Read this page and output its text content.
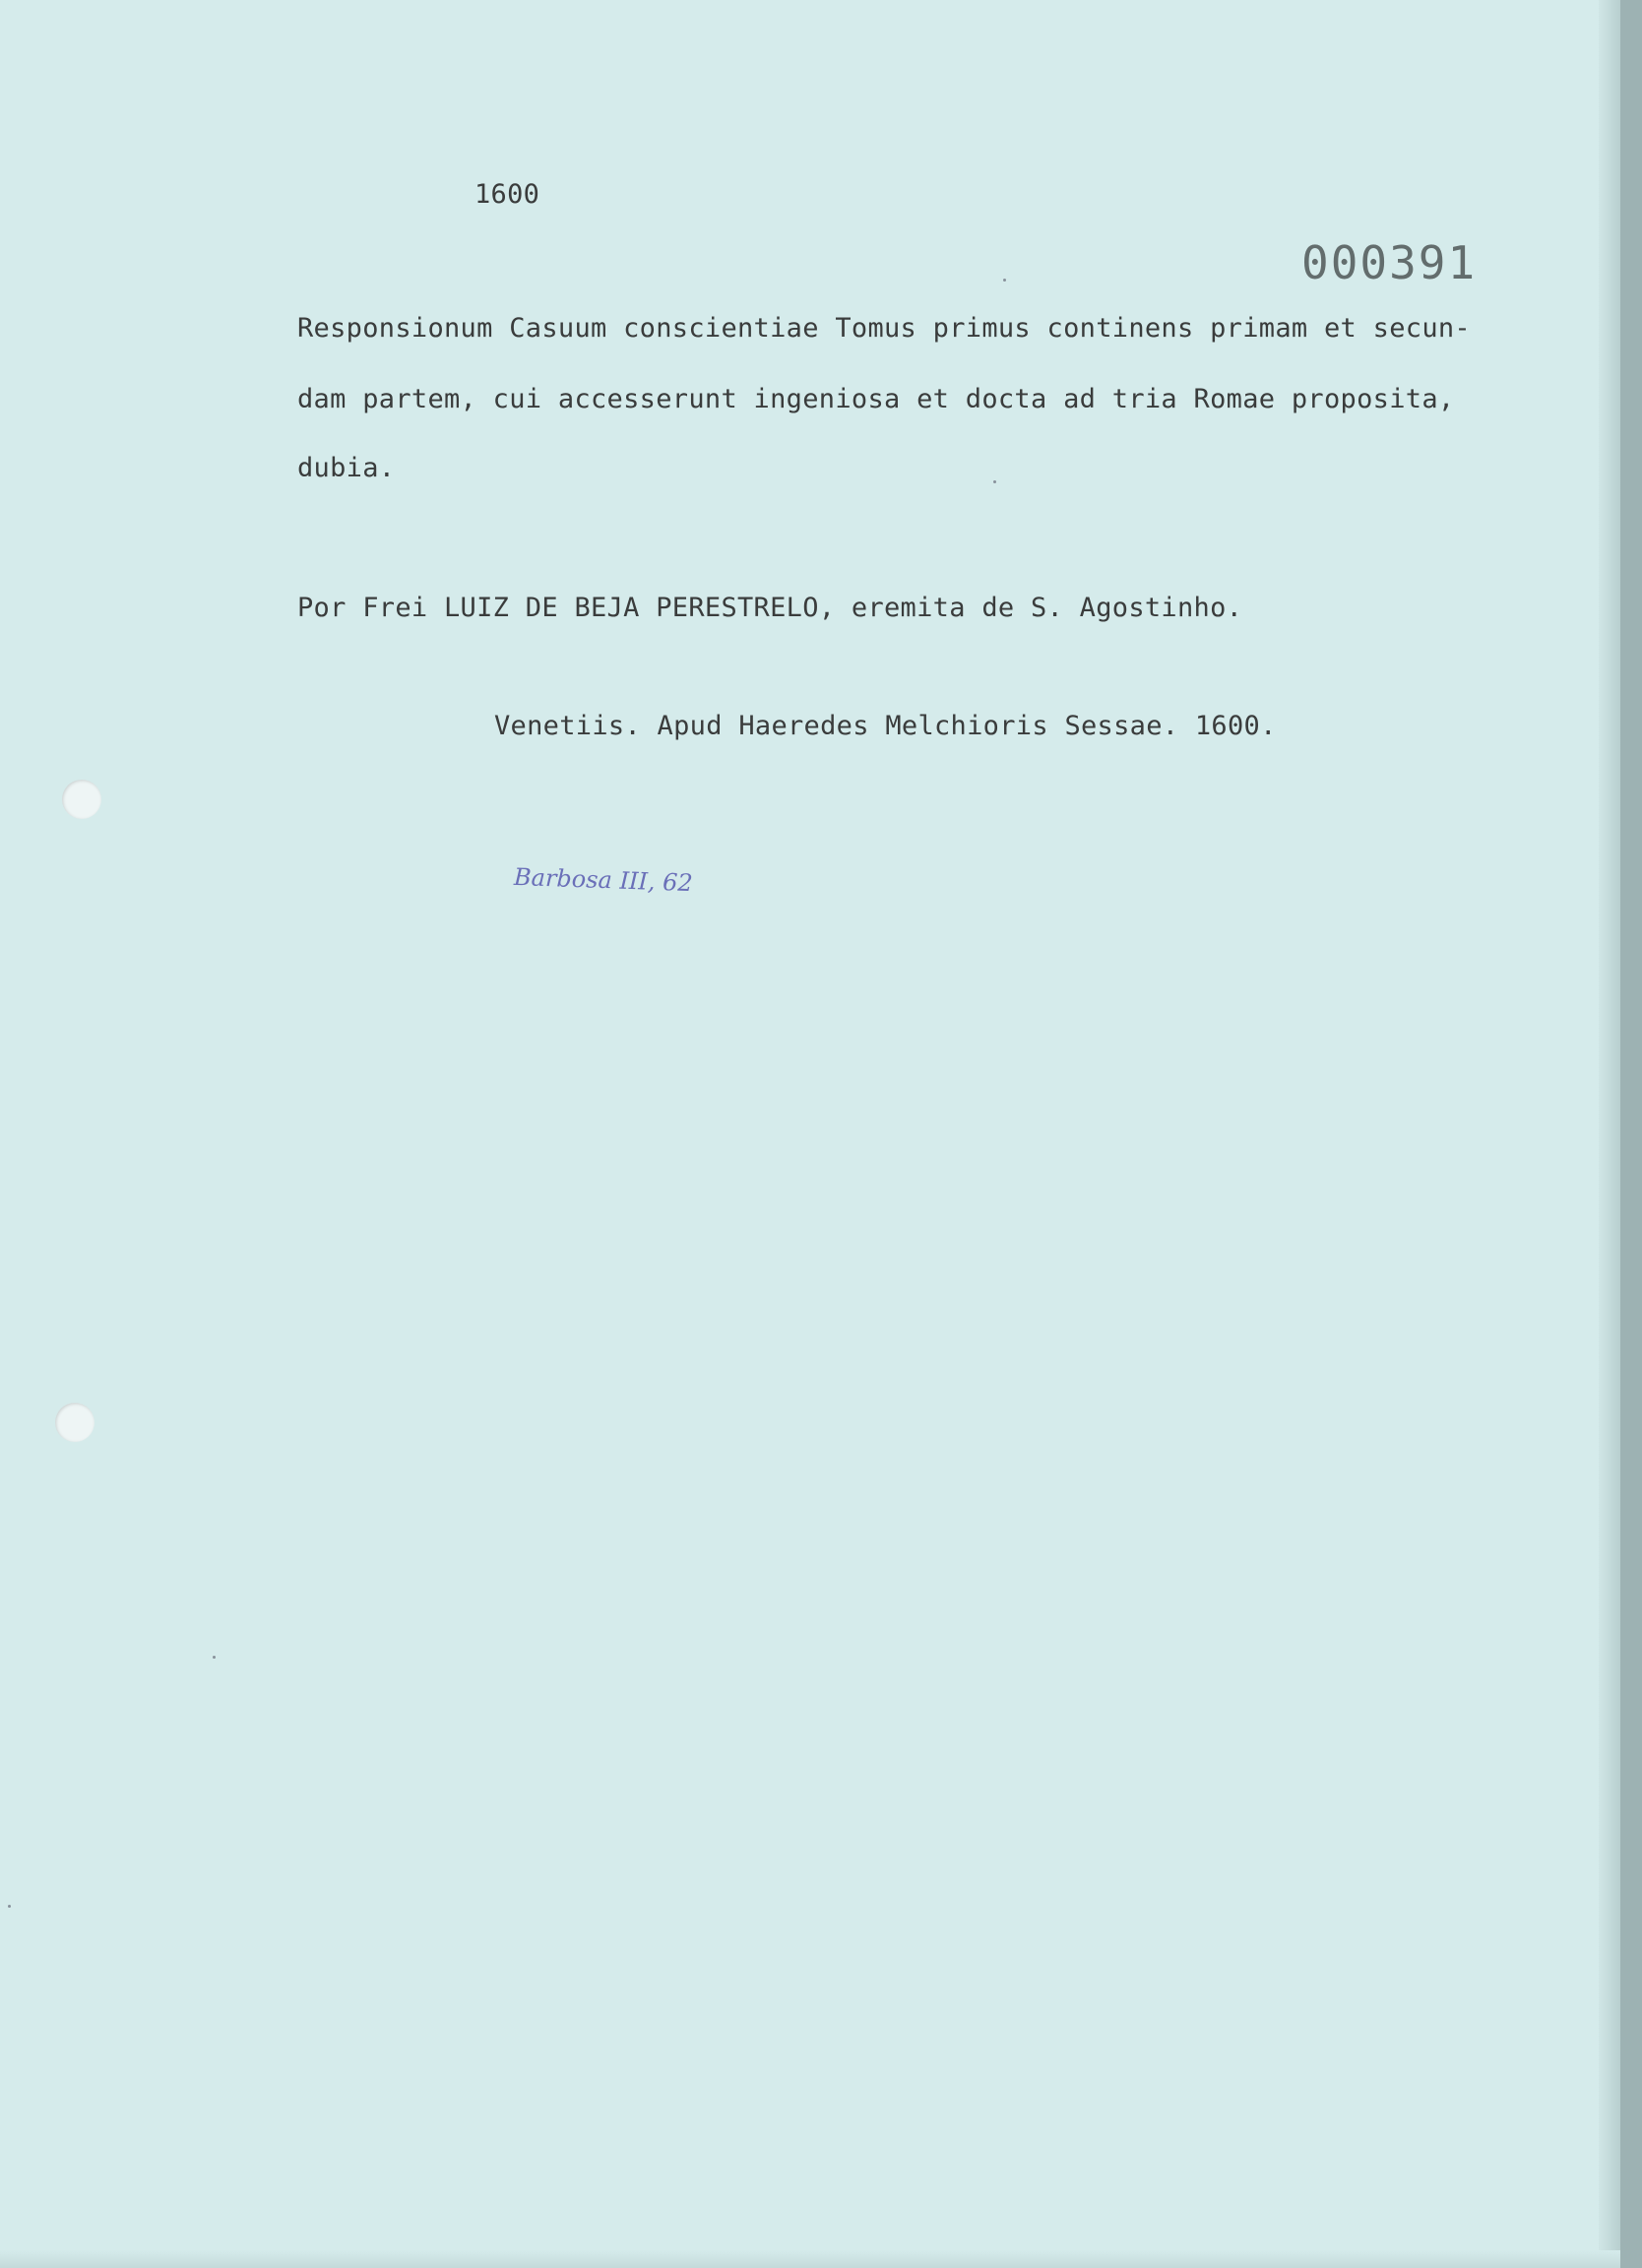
1600
000391
Responsionum Casuum conscientiae Tomus primus continens primam et secun-
dam partem, cui accesserunt ingeniosa et docta ad tria Romae proposita,
dubia.
Por Frei LUIZ DE BEJA PERESTRELO, eremita de S. Agostinho.
Venetiis. Apud Haeredes Melchioris Sessae. 1600.
Barbosa III, 62
